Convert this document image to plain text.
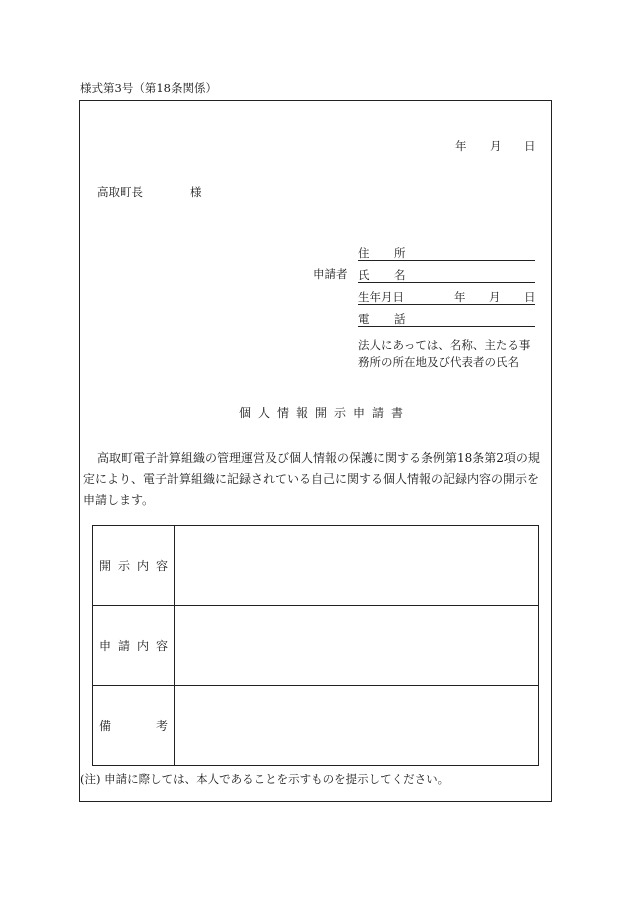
様式第3号（第18条関係）
年 月 日
高取町長	様
申請者
住 所
氏 名
生年月日	年 月 日
電 話
法人にあっては、名称、主たる事
務所の所在地及び代表者の氏名
個人情報開示申請書
高取町電子計算組織の管理運営及び個人情報の保護に関する条例第18条第2項の規定により、電子計算組織に記録されている自己に関する個人情報の記録内容の開示を申請します。
開 示 内 容	

申 請 内 容	

備 考	

(注) 申請に際しては、本人であることを示すものを提示してください。
